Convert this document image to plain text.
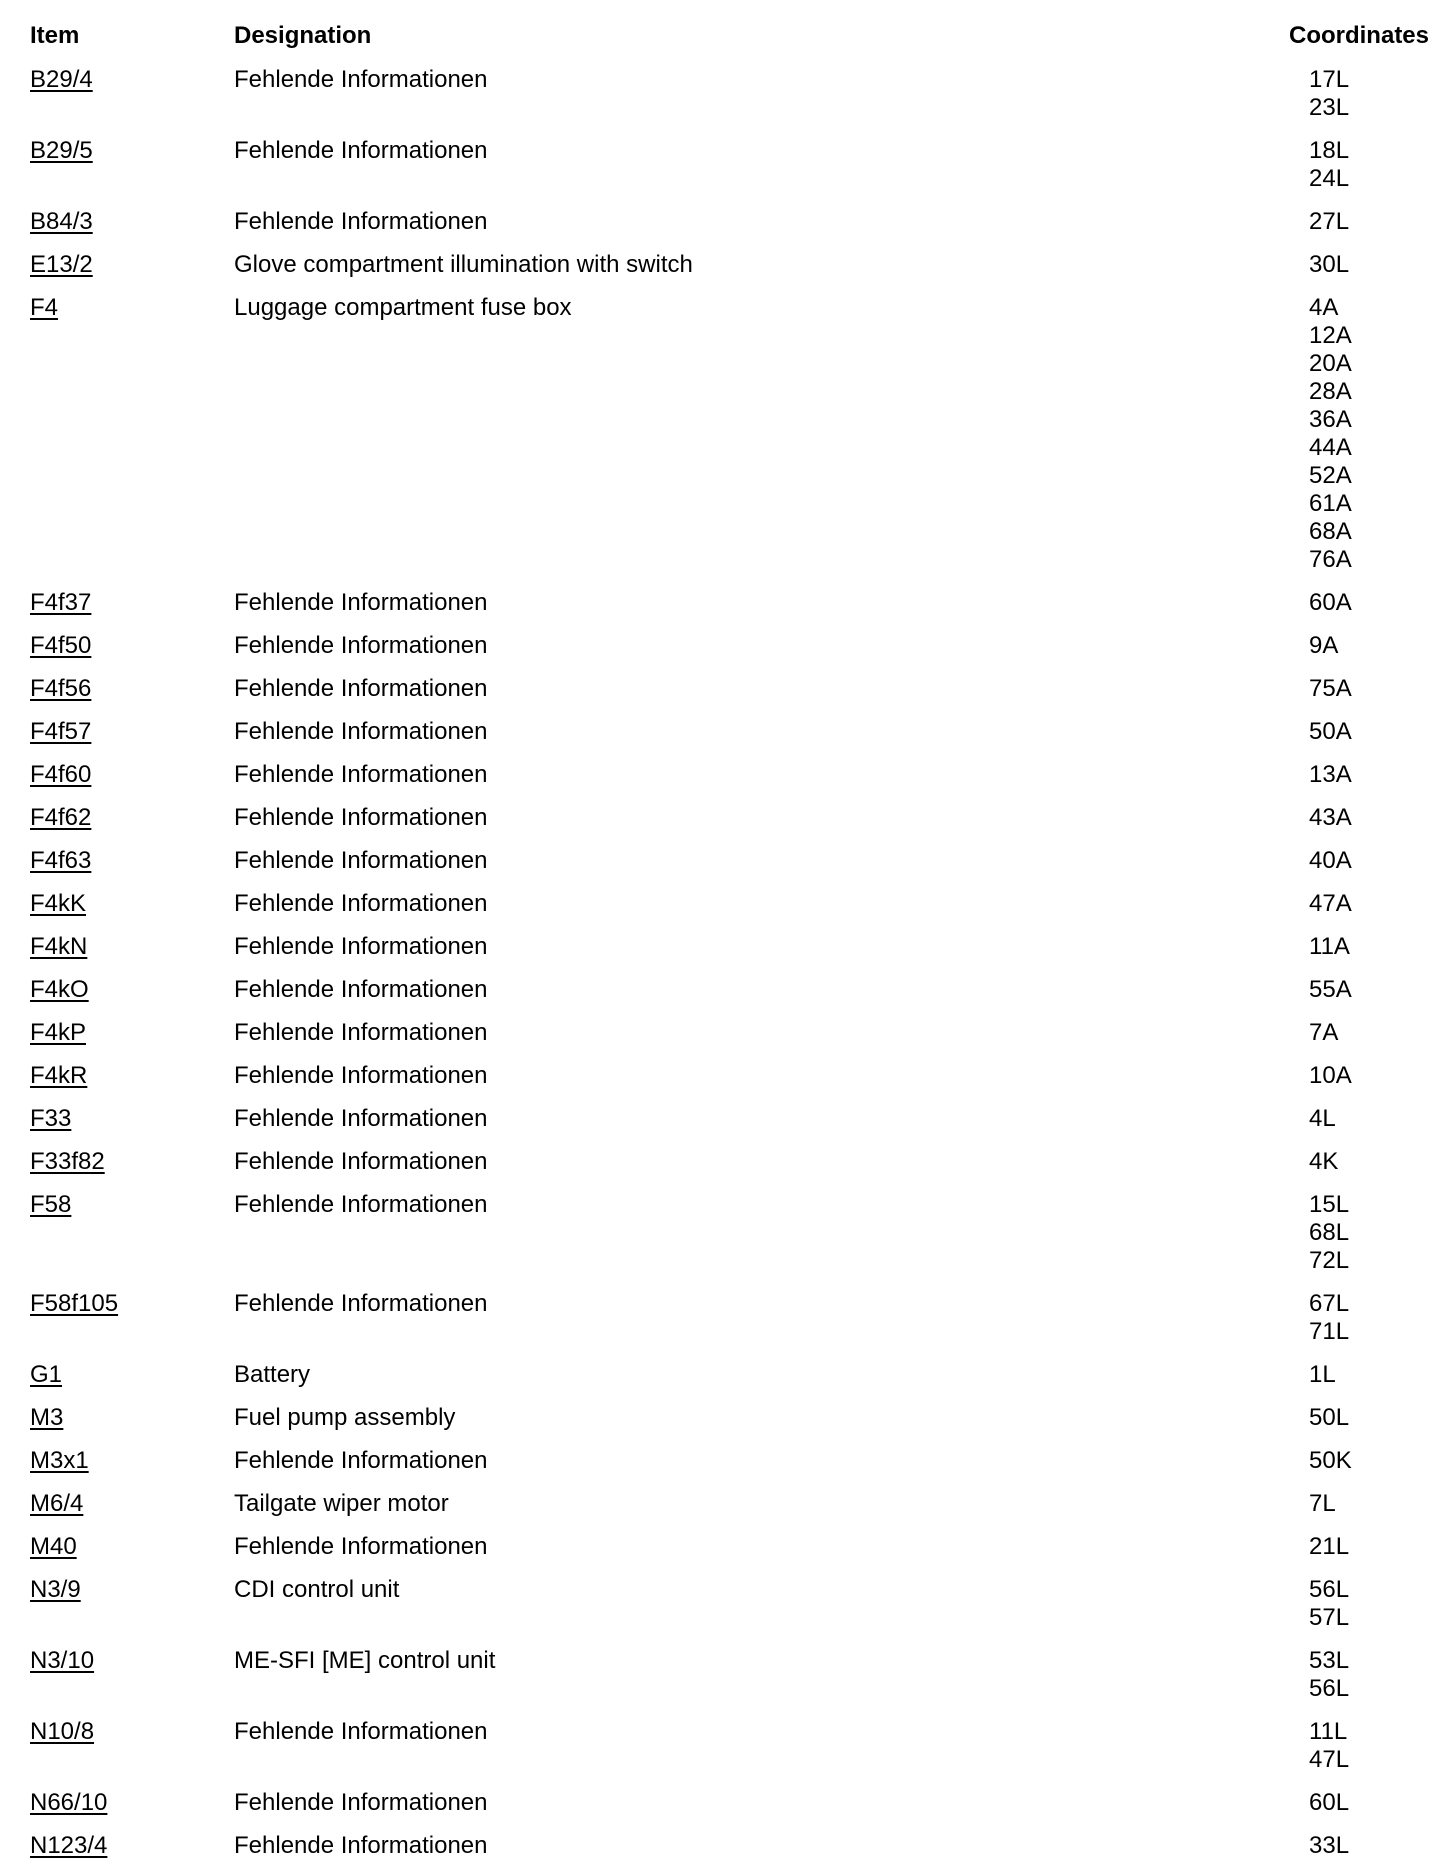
Item	Designation	Coordinates
B29/4	Fehlende Informationen	17L
23L
B29/5	Fehlende Informationen	18L
24L
B84/3	Fehlende Informationen	27L
E13/2	Glove compartment illumination with switch	30L
F4	Luggage compartment fuse box	4A
12A
20A
28A
36A
44A
52A
61A
68A
76A
F4f37	Fehlende Informationen	60A
F4f50	Fehlende Informationen	9A
F4f56	Fehlende Informationen	75A
F4f57	Fehlende Informationen	50A
F4f60	Fehlende Informationen	13A
F4f62	Fehlende Informationen	43A
F4f63	Fehlende Informationen	40A
F4kK	Fehlende Informationen	47A
F4kN	Fehlende Informationen	11A
F4kO	Fehlende Informationen	55A
F4kP	Fehlende Informationen	7A
F4kR	Fehlende Informationen	10A
F33	Fehlende Informationen	4L
F33f82	Fehlende Informationen	4K
F58	Fehlende Informationen	15L
68L
72L
F58f105	Fehlende Informationen	67L
71L
G1	Battery	1L
M3	Fuel pump assembly	50L
M3x1	Fehlende Informationen	50K
M6/4	Tailgate wiper motor	7L
M40	Fehlende Informationen	21L
N3/9	CDI control unit	56L
57L
N3/10	ME-SFI [ME] control unit	53L
56L
N10/8	Fehlende Informationen	11L
47L
N66/10	Fehlende Informationen	60L
N123/4	Fehlende Informationen	33L
